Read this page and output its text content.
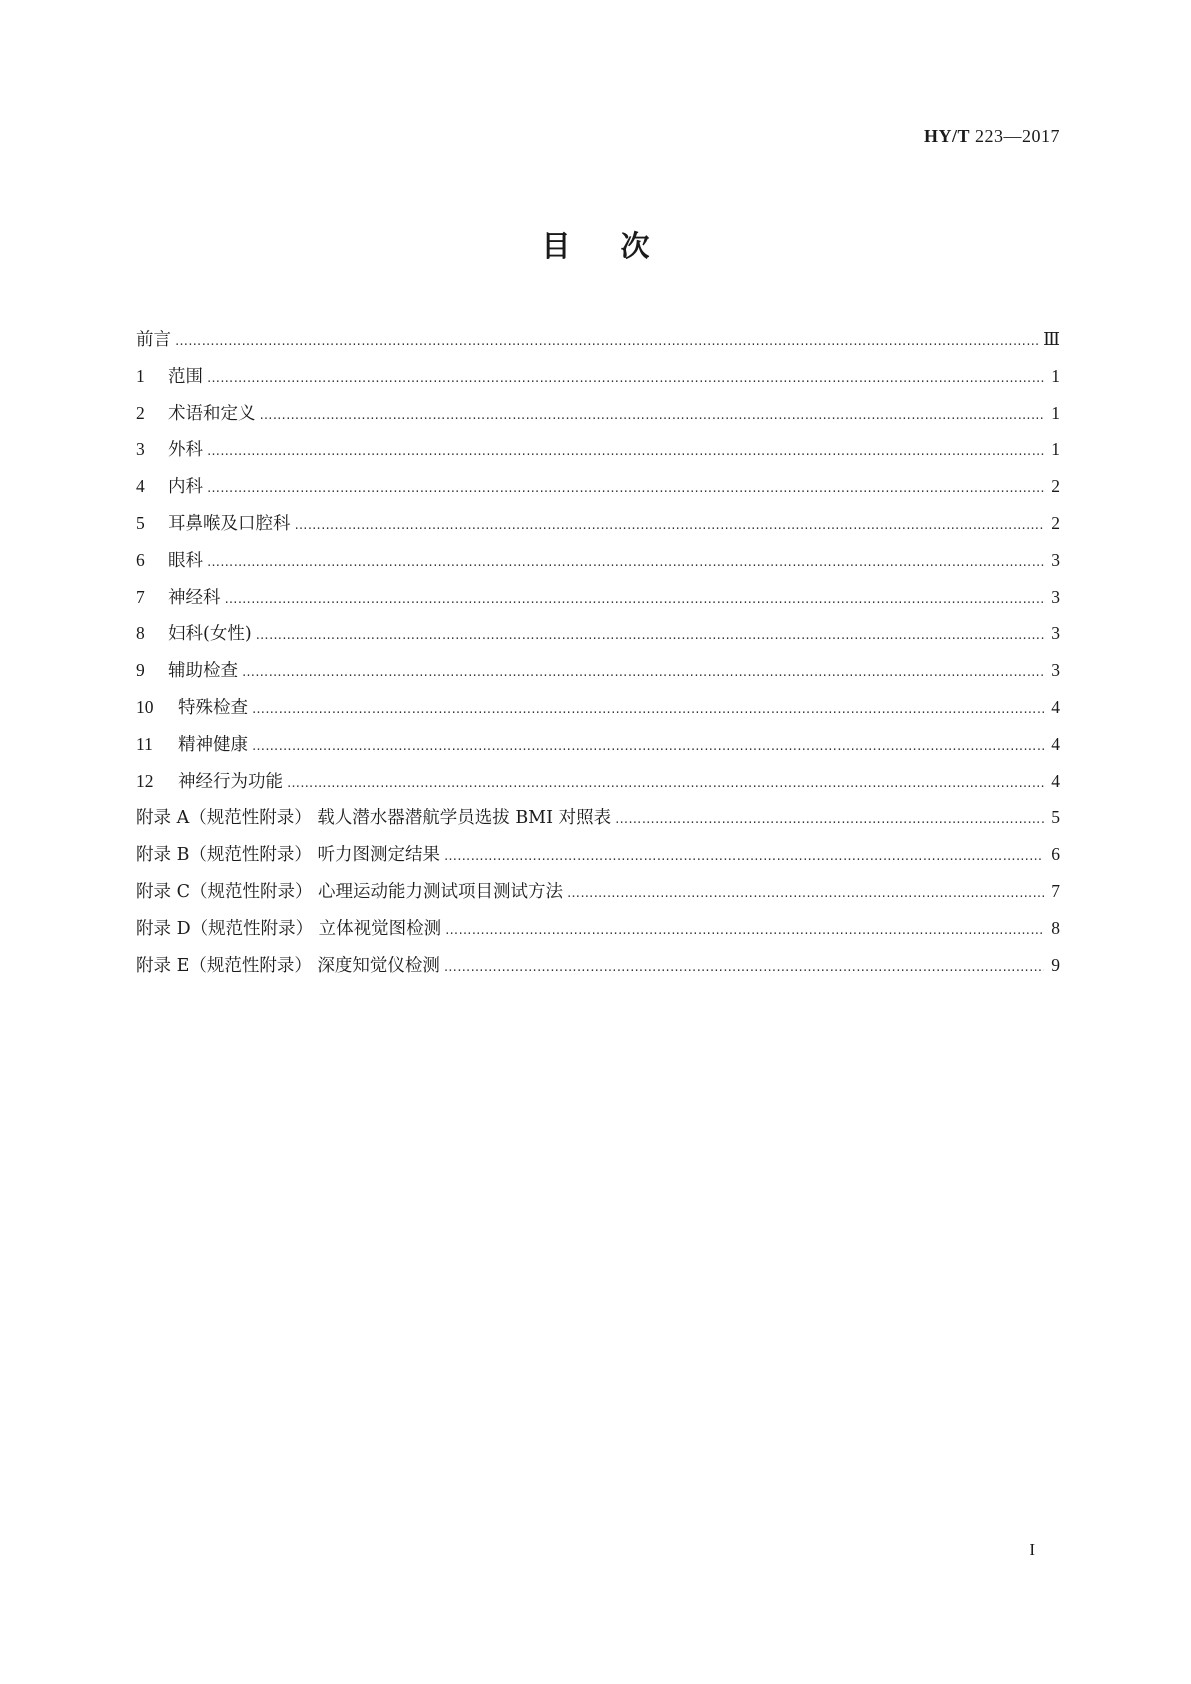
HY/T 223—2017
目次
前言 ………………………………………………………………………………………………………………………………………………………………………………………………………………………………………………	Ⅲ
1	范围 ………………………………………………………………………………………………………………………………………………………………………………………………………………………………………………	1
2	术语和定义 ………………………………………………………………………………………………………………………………………………………………………………………………………………………………………………	1
3	外科 ………………………………………………………………………………………………………………………………………………………………………………………………………………………………………………	1
4	内科 ………………………………………………………………………………………………………………………………………………………………………………………………………………………………………………	2
5	耳鼻喉及口腔科 ………………………………………………………………………………………………………………………………………………………………………………………………………………………………………………	2
6	眼科 ………………………………………………………………………………………………………………………………………………………………………………………………………………………………………………	3
7	神经科 ………………………………………………………………………………………………………………………………………………………………………………………………………………………………………………	3
8	妇科(女性) ………………………………………………………………………………………………………………………………………………………………………………………………………………………………………………	3
9	辅助检查 ………………………………………………………………………………………………………………………………………………………………………………………………………………………………………………	3
10	特殊检查 ………………………………………………………………………………………………………………………………………………………………………………………………………………………………………………	4
11	精神健康 ………………………………………………………………………………………………………………………………………………………………………………………………………………………………………………	4
12	神经行为功能 ………………………………………………………………………………………………………………………………………………………………………………………………………………………………………………	4
附录 A（规范性附录） 载人潜水器潜航学员选拔 BMI 对照表 ………………………………………………………………………………………………………………………………………………………………………………………………………………………………………………	5
附录 B（规范性附录） 听力图测定结果 ………………………………………………………………………………………………………………………………………………………………………………………………………………………………………………	6
附录 C（规范性附录） 心理运动能力测试项目测试方法 ………………………………………………………………………………………………………………………………………………………………………………………………………………………………………………	7
附录 D（规范性附录） 立体视觉图检测 ………………………………………………………………………………………………………………………………………………………………………………………………………………………………………………	8
附录 E（规范性附录） 深度知觉仪检测 ………………………………………………………………………………………………………………………………………………………………………………………………………………………………………………	9
I
